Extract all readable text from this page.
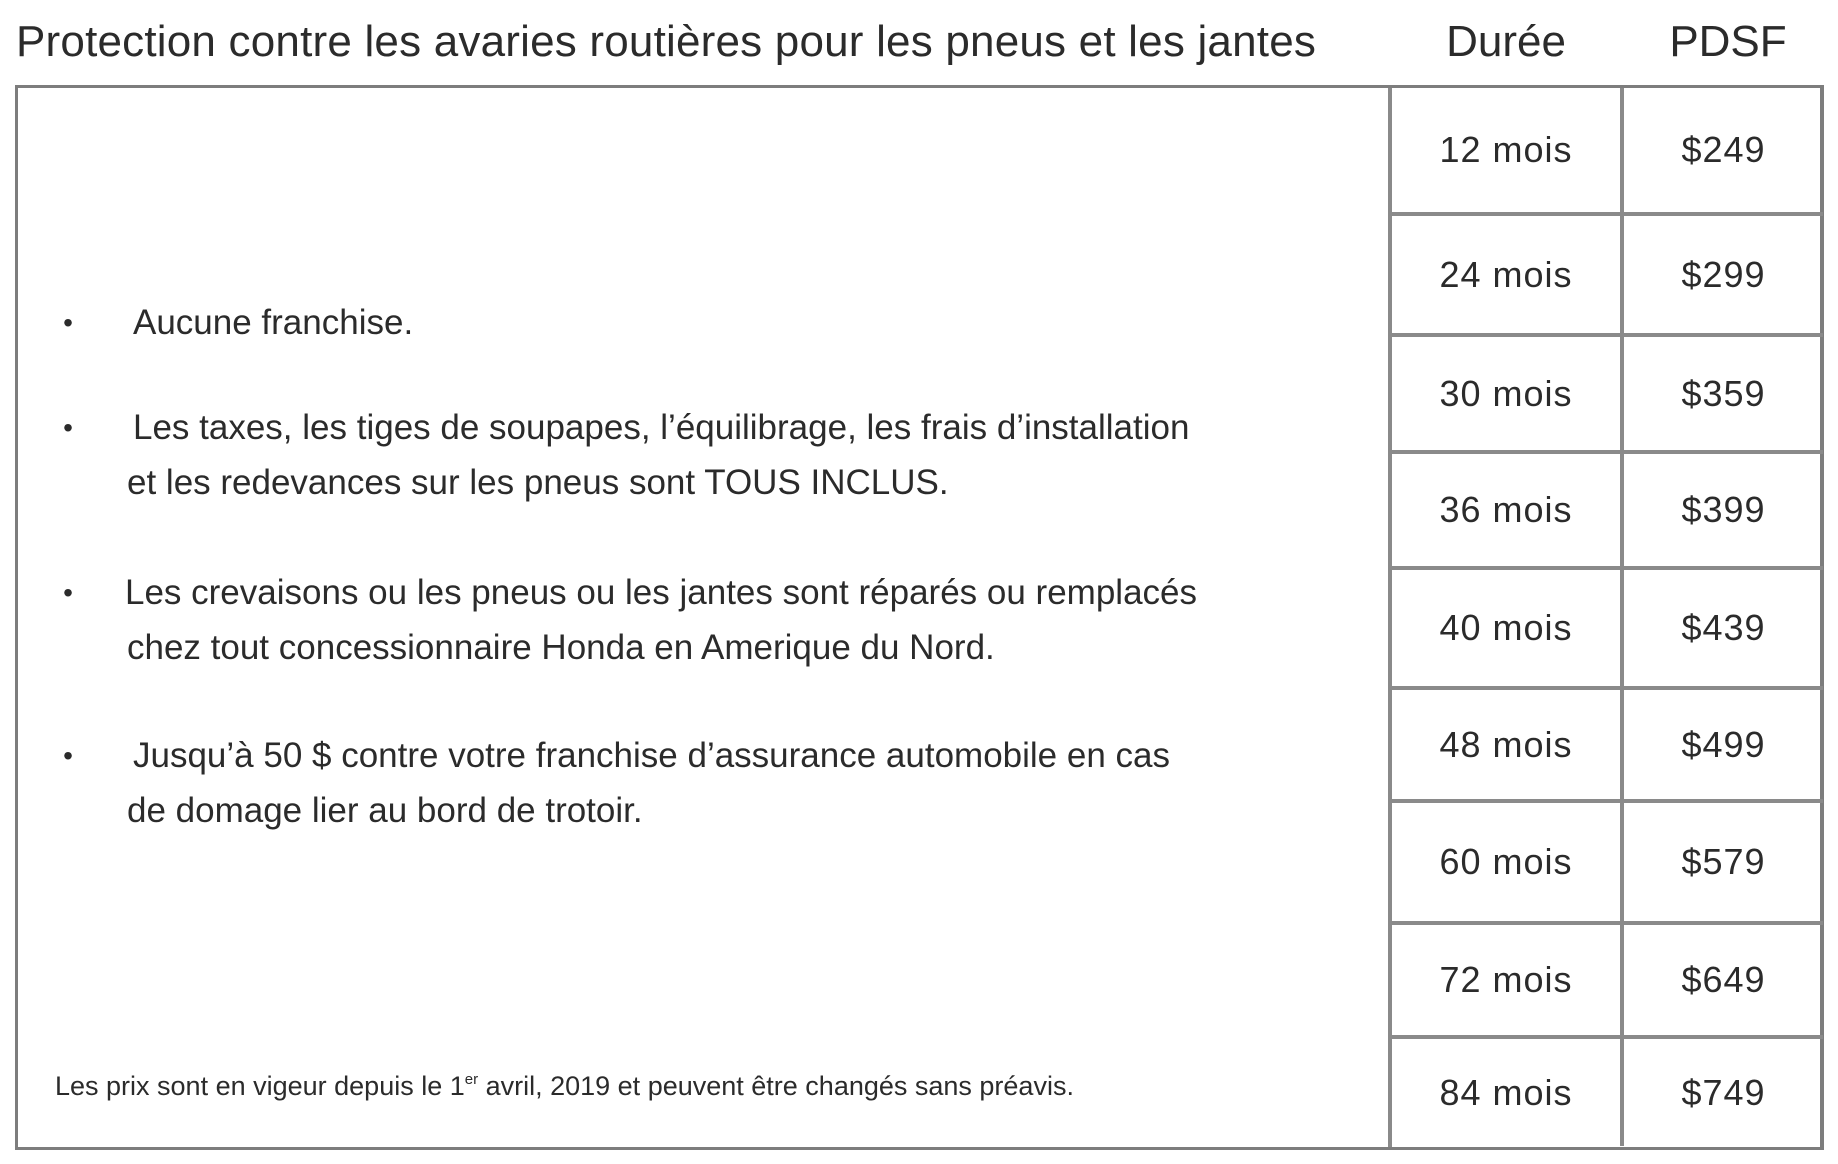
Protection contre les avaries routières pour les pneus et les jantes	Durée	PDSF
•	Aucune franchise.
•	Les taxes, les tiges de soupapes, l’équilibrage, les frais d’installation
et les redevances sur les pneus sont TOUS INCLUS.
•	Les crevaisons ou les pneus ou les jantes sont réparés ou remplacés
chez tout concessionnaire Honda en Amerique du Nord.
•	Jusqu’à 50 $ contre votre franchise d’assurance automobile en cas
de domage lier au bord de trotoir.
Les prix sont en vigeur depuis le 1er avril, 2019 et peuvent être changés sans préavis.
12 mois	$249
24 mois	$299
30 mois	$359
36 mois	$399
40 mois	$439
48 mois	$499
60 mois	$579
72 mois	$649
84 mois	$749
